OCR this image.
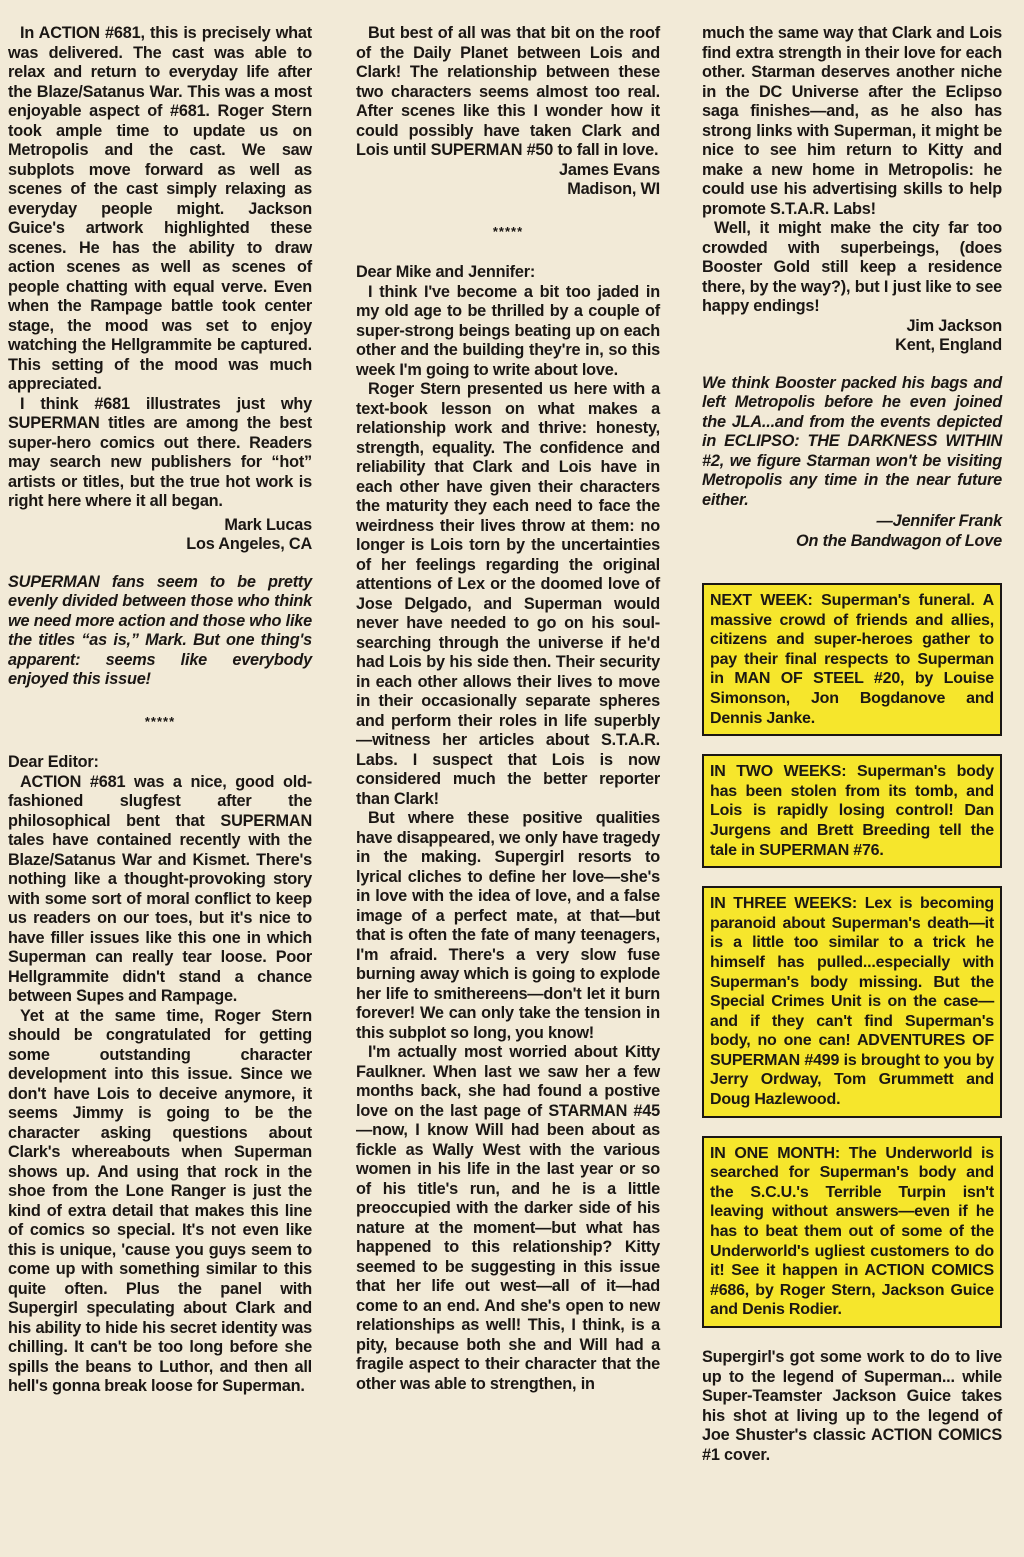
In ACTION #681, this is precisely what was delivered. The cast was able to relax and return to everyday life after the Blaze/Satanus War. This was a most enjoyable aspect of #681. Roger Stern took ample time to update us on Metropolis and the cast. We saw subplots move forward as well as scenes of the cast simply relaxing as everyday people might. Jackson Guice's artwork highlighted these scenes. He has the ability to draw action scenes as well as scenes of people chatting with equal verve. Even when the Rampage battle took center stage, the mood was set to enjoy watching the Hellgrammite be captured. This setting of the mood was much appreciated.

I think #681 illustrates just why SUPERMAN titles are among the best super-hero comics out there. Readers may search new publishers for “hot” artists or titles, but the true hot work is right here where it all began.

Mark Lucas

Los Angeles, CA

SUPERMAN fans seem to be pretty evenly divided between those who think we need more action and those who like the titles “as is,” Mark. But one thing's apparent: seems like everybody enjoyed this issue!

*****

Dear Editor:

ACTION #681 was a nice, good old-fashioned slugfest after the philosophical bent that SUPERMAN tales have contained recently with the Blaze/Satanus War and Kismet. There's nothing like a thought-provoking story with some sort of moral conflict to keep us readers on our toes, but it's nice to have filler issues like this one in which Superman can really tear loose. Poor Hellgrammite didn't stand a chance between Supes and Rampage.

Yet at the same time, Roger Stern should be congratulated for getting some outstanding character development into this issue. Since we don't have Lois to deceive anymore, it seems Jimmy is going to be the character asking questions about Clark's whereabouts when Superman shows up. And using that rock in the shoe from the Lone Ranger is just the kind of extra detail that makes this line of comics so special. It's not even like this is unique, 'cause you guys seem to come up with something similar to this quite often. Plus the panel with Supergirl speculating about Clark and his ability to hide his secret identity was chilling. It can't be too long before she spills the beans to Luthor, and then all hell's gonna break loose for Superman.

But best of all was that bit on the roof of the Daily Planet between Lois and Clark! The relationship between these two characters seems almost too real. After scenes like this I wonder how it could possibly have taken Clark and Lois until SUPERMAN #50 to fall in love.

James Evans

Madison, WI

*****

Dear Mike and Jennifer:

I think I've become a bit too jaded in my old age to be thrilled by a couple of super-strong beings beating up on each other and the building they're in, so this week I'm going to write about love.

Roger Stern presented us here with a text-book lesson on what makes a relationship work and thrive: honesty, strength, equality. The confidence and reliability that Clark and Lois have in each other have given their characters the maturity they each need to face the weirdness their lives throw at them: no longer is Lois torn by the uncertainties of her feelings regarding the original attentions of Lex or the doomed love of Jose Delgado, and Superman would never have needed to go on his soul-searching through the universe if he'd had Lois by his side then. Their security in each other allows their lives to move in their occasionally separate spheres and perform their roles in life superbly—witness her articles about S.T.A.R. Labs. I suspect that Lois is now considered much the better reporter than Clark!

But where these positive qualities have disappeared, we only have tragedy in the making. Supergirl resorts to lyrical cliches to define her love—she's in love with the idea of love, and a false image of a perfect mate, at that—but that is often the fate of many teenagers, I'm afraid. There's a very slow fuse burning away which is going to explode her life to smithereens—don't let it burn forever! We can only take the tension in this subplot so long, you know!

I'm actually most worried about Kitty Faulkner. When last we saw her a few months back, she had found a postive love on the last page of STARMAN #45—now, I know Will had been about as fickle as Wally West with the various women in his life in the last year or so of his title's run, and he is a little preoccupied with the darker side of his nature at the moment—but what has happened to this relationship? Kitty seemed to be suggesting in this issue that her life out west—all of it—had come to an end. And she's open to new relationships as well! This, I think, is a pity, because both she and Will had a fragile aspect to their character that the other was able to strengthen, in

much the same way that Clark and Lois find extra strength in their love for each other. Starman deserves another niche in the DC Universe after the Eclipso saga finishes—and, as he also has strong links with Superman, it might be nice to see him return to Kitty and make a new home in Metropolis: he could use his advertising skills to help promote S.T.A.R. Labs!

Well, it might make the city far too crowded with superbeings, (does Booster Gold still keep a residence there, by the way?), but I just like to see happy endings!

Jim Jackson

Kent, England

We think Booster packed his bags and left Metropolis before he even joined the JLA...and from the events depicted in ECLIPSO: THE DARKNESS WITHIN #2, we figure Starman won't be visiting Metropolis any time in the near future either.

—Jennifer Frank

On the Bandwagon of Love

NEXT WEEK: Superman's funeral. A massive crowd of friends and allies, citizens and super-heroes gather to pay their final respects to Superman in MAN OF STEEL #20, by Louise Simonson, Jon Bogdanove and Dennis Janke.
IN TWO WEEKS: Superman's body has been stolen from its tomb, and Lois is rapidly losing control! Dan Jurgens and Brett Breeding tell the tale in SUPERMAN #76.
IN THREE WEEKS: Lex is becoming paranoid about Superman's death—it is a little too similar to a trick he himself has pulled...especially with Superman's body missing. But the Special Crimes Unit is on the case—and if they can't find Superman's body, no one can! ADVENTURES OF SUPERMAN #499 is brought to you by Jerry Ordway, Tom Grummett and Doug Hazlewood.
IN ONE MONTH: The Underworld is searched for Superman's body and the S.C.U.'s Terrible Turpin isn't leaving without answers—even if he has to beat them out of some of the Underworld's ugliest customers to do it! See it happen in ACTION COMICS #686, by Roger Stern, Jackson Guice and Denis Rodier.

Supergirl's got some work to do to live up to the legend of Superman... while Super-Teamster Jackson Guice takes his shot at living up to the legend of Joe Shuster's classic ACTION COMICS #1 cover.
